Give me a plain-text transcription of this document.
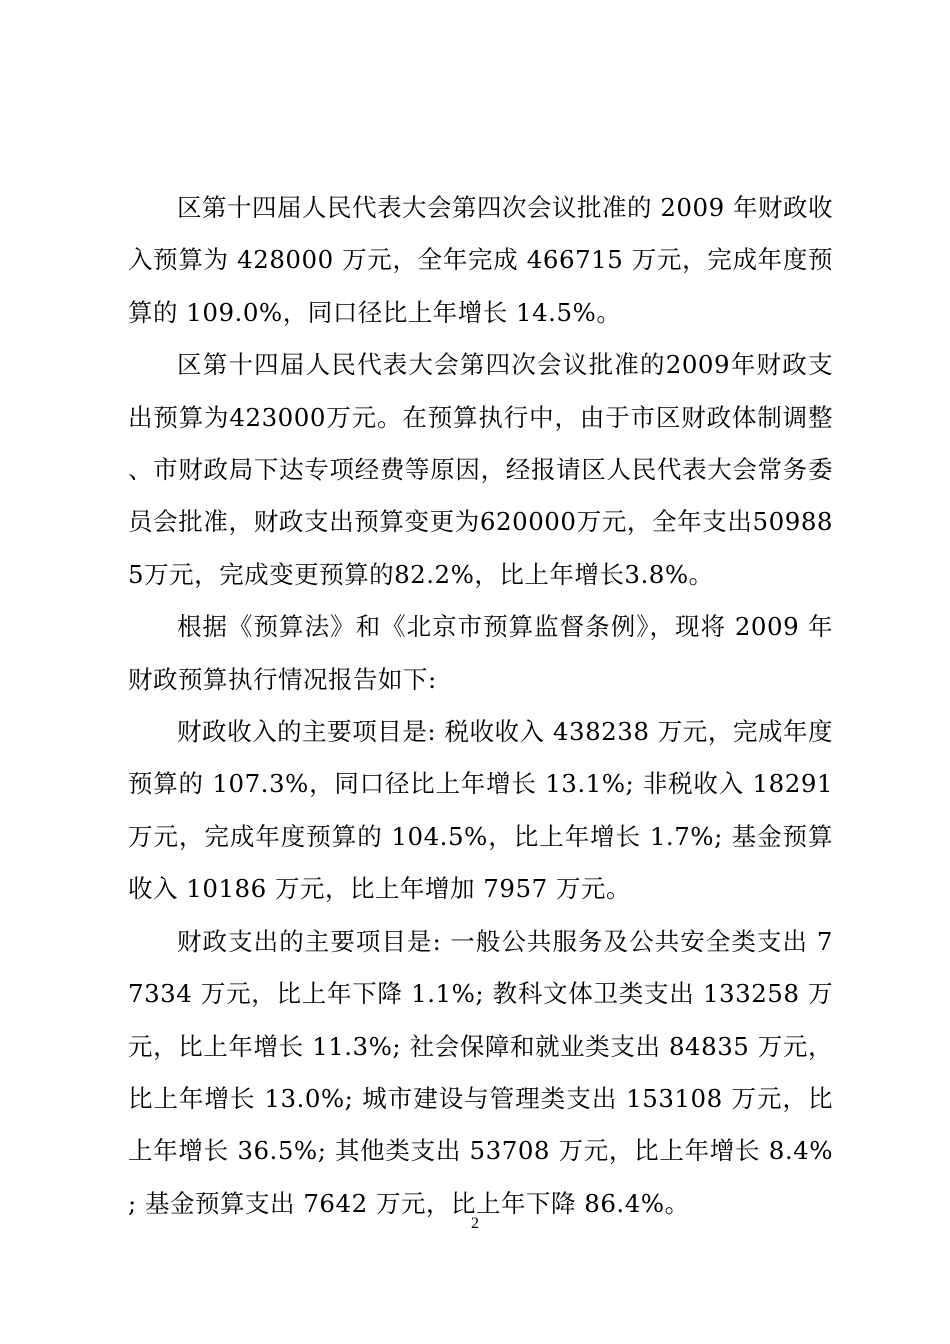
区第十四届人民代表大会第四次会议批准的 2009 年财政收入预算为 428000 万元，全年完成 466715 万元，完成年度预算的 109.0%，同口径比上年增长 14.5%。

区第十四届人民代表大会第四次会议批准的2009年财政支出预算为423000万元。在预算执行中，由于市区财政体制调整、市财政局下达专项经费等原因，经报请区人民代表大会常务委员会批准，财政支出预算变更为620000万元，全年支出509885万元，完成变更预算的82.2%，比上年增长3.8%。

根据《预算法》和《北京市预算监督条例》，现将 2009 年财政预算执行情况报告如下:

财政收入的主要项目是: 税收收入 438238 万元，完成年度预算的 107.3%，同口径比上年增长 13.1%; 非税收入 18291 万元，完成年度预算的 104.5%，比上年增长 1.7%; 基金预算收入 10186 万元，比上年增加 7957 万元。

财政支出的主要项目是: 一般公共服务及公共安全类支出 77334 万元，比上年下降 1.1%; 教科文体卫类支出 133258 万元，比上年增长 11.3%; 社会保障和就业类支出 84835 万元，比上年增长 13.0%; 城市建设与管理类支出 153108 万元，比上年增长 36.5%; 其他类支出 53708 万元，比上年增长 8.4%; 基金预算支出 7642 万元，比上年下降 86.4%。

2
